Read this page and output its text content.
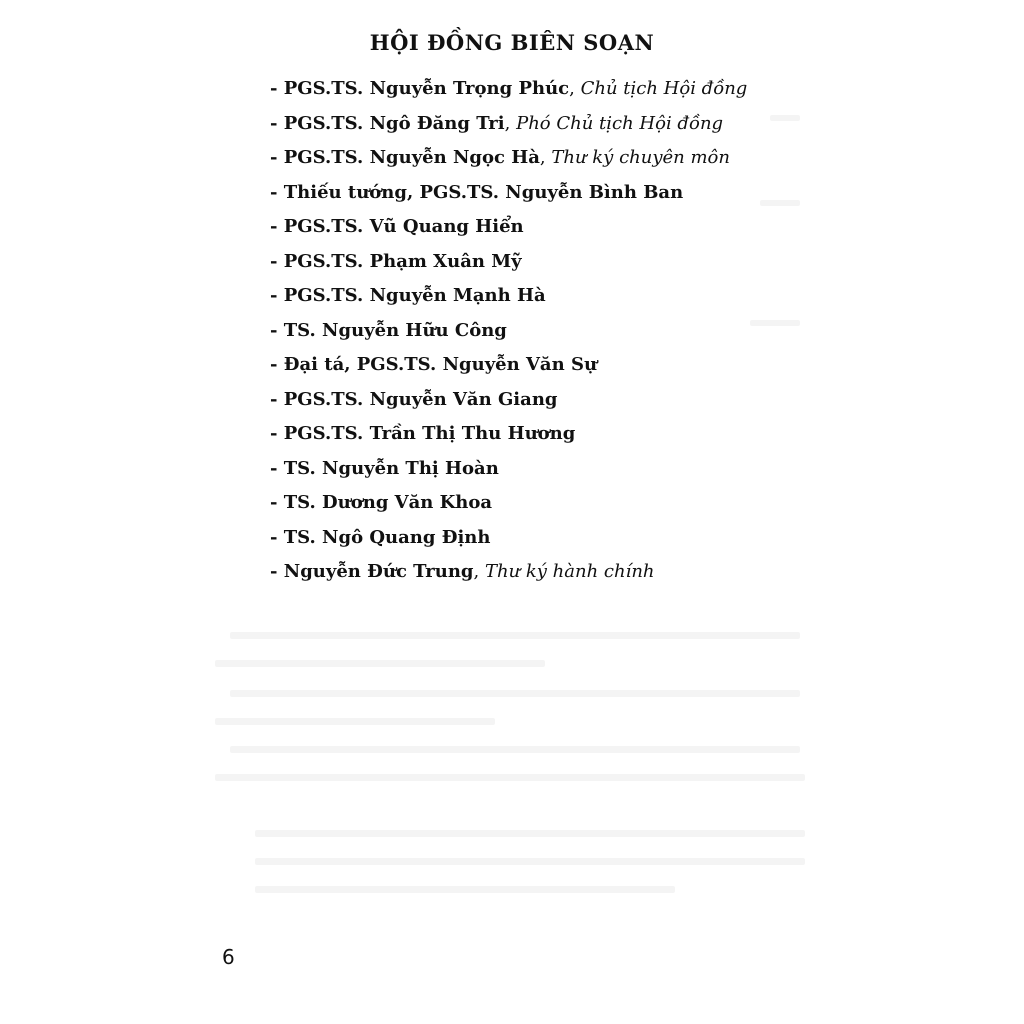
HỘI ĐỒNG BIÊN SOẠN
- PGS.TS. Nguyễn Trọng Phúc, Chủ tịch Hội đồng
- PGS.TS. Ngô Đăng Tri, Phó Chủ tịch Hội đồng
- PGS.TS. Nguyễn Ngọc Hà, Thư ký chuyên môn
- Thiếu tướng, PGS.TS. Nguyễn Bình Ban
- PGS.TS. Vũ Quang Hiển
- PGS.TS. Phạm Xuân Mỹ
- PGS.TS. Nguyễn Mạnh Hà
- TS. Nguyễn Hữu Công
- Đại tá, PGS.TS. Nguyễn Văn Sự
- PGS.TS. Nguyễn Văn Giang
- PGS.TS. Trần Thị Thu Hương
- TS. Nguyễn Thị Hoàn
- TS. Dương Văn Khoa
- TS. Ngô Quang Định
- Nguyễn Đức Trung, Thư ký hành chính
6
